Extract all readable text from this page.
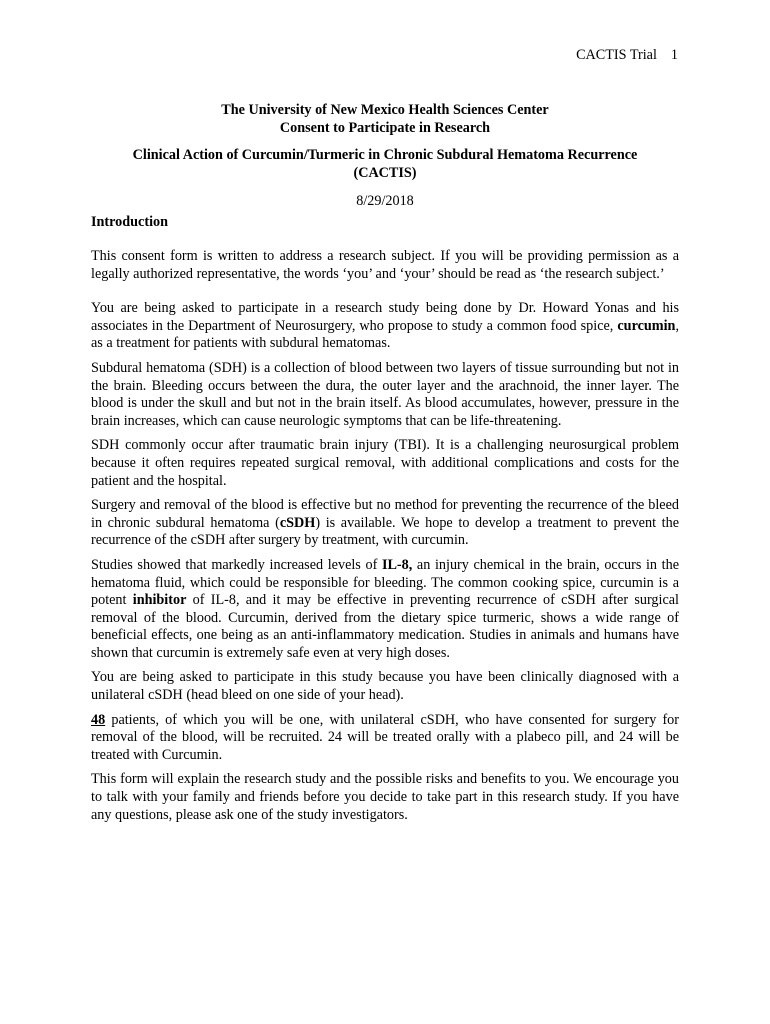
CACTIS Trial 1
The University of New Mexico Health Sciences Center
Consent to Participate in Research
Clinical Action of Curcumin/Turmeric in Chronic Subdural Hematoma Recurrence
(CACTIS)
8/29/2018
Introduction

This consent form is written to address a research subject. If you will be providing permission as a legally authorized representative, the words ‘you’ and ‘your’ should be read as ‘the research subject.’

You are being asked to participate in a research study being done by Dr. Howard Yonas and his associates in the Department of Neurosurgery, who propose to study a common food spice, curcumin, as a treatment for patients with subdural hematomas.

Subdural hematoma (SDH) is a collection of blood between two layers of tissue surrounding but not in the brain. Bleeding occurs between the dura, the outer layer and the arachnoid, the inner layer. The blood is under the skull and but not in the brain itself. As blood accumulates, however, pressure in the brain increases, which can cause neurologic symptoms that can be life-threatening.

SDH commonly occur after traumatic brain injury (TBI). It is a challenging neurosurgical problem because it often requires repeated surgical removal, with additional complications and costs for the patient and the hospital.

Surgery and removal of the blood is effective but no method for preventing the recurrence of the bleed in chronic subdural hematoma (cSDH) is available. We hope to develop a treatment to prevent the recurrence of the cSDH after surgery by treatment, with curcumin.

Studies showed that markedly increased levels of IL-8, an injury chemical in the brain, occurs in the hematoma fluid, which could be responsible for bleeding. The common cooking spice, curcumin is a potent inhibitor of IL-8, and it may be effective in preventing recurrence of cSDH after surgical removal of the blood. Curcumin, derived from the dietary spice turmeric, shows a wide range of beneficial effects, one being as an anti-inflammatory medication. Studies in animals and humans have shown that curcumin is extremely safe even at very high doses.

You are being asked to participate in this study because you have been clinically diagnosed with a unilateral cSDH (head bleed on one side of your head).

48 patients, of which you will be one, with unilateral cSDH, who have consented for surgery for removal of the blood, will be recruited. 24 will be treated orally with a plabeco pill, and 24 will be treated with Curcumin.

This form will explain the research study and the possible risks and benefits to you. We encourage you to talk with your family and friends before you decide to take part in this research study. If you have any questions, please ask one of the study investigators.
